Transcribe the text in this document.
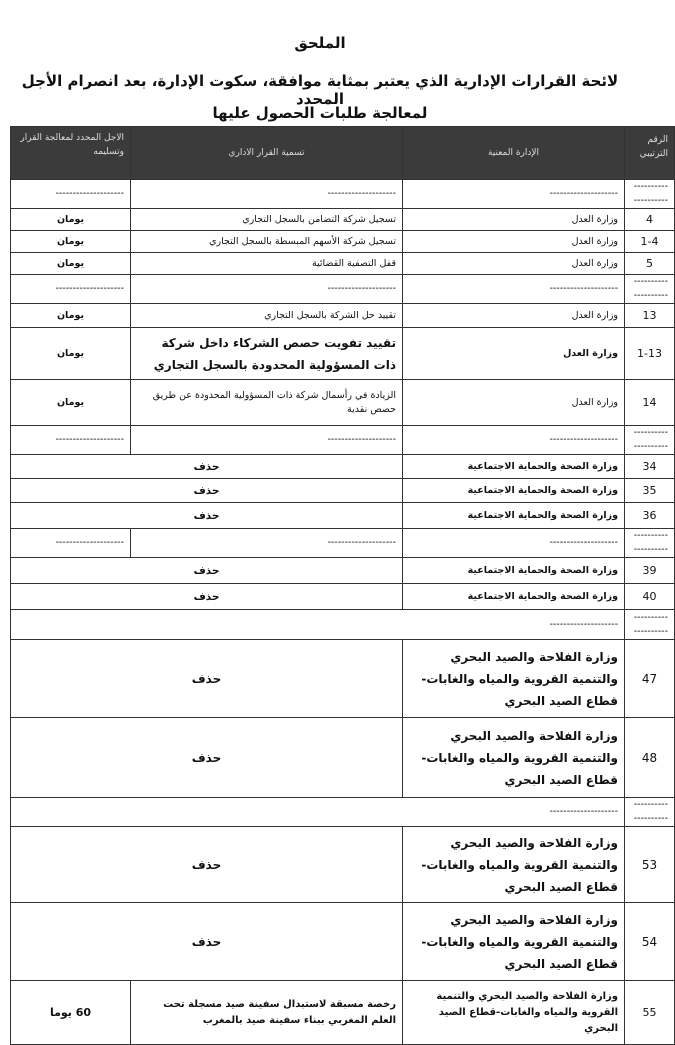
الملحق
لائحة القرارات الإدارية الذي يعتبر بمثابة موافقة، سكوت الإدارة، بعد انصرام الأجل المحدد
لمعالجة طلبات الحصول عليها
الرقم الترتيبي	الإدارة المعنية	تسمية القرار الاداري	الاجل المحدد لمعالجة القرار وتسليمه
--------------------	--------------------	--------------------	--------------------
4	وزارة العدل	تسجيل شركة التضامن بالسجل التجاري	يومان
1-4	وزارة العدل	تسجيل شركة الأسهم المبسطة بالسجل التجاري	يومان
5	وزارة العدل	قفل التصفية القضائية	يومان
--------------------	--------------------	--------------------	--------------------
13	وزارة العدل	تقييد حل الشركة بالسجل التجاري	يومان
1-13	وزارة العدل	تقييد تفويت حصص الشركاء داخل شركة ذات المسؤولية المحدودة بالسجل التجاري	يومان
14	وزارة العدل	الزيادة في رأسمال شركة ذات المسؤولية المحدودة عن طريق حصص نقدية	يومان
--------------------	--------------------	--------------------	--------------------
34	وزارة الصحة والحماية الاجتماعية	حذف	
35	وزارة الصحة والحماية الاجتماعية	حذف	
36	وزارة الصحة والحماية الاجتماعية	حذف	
--------------------	--------------------	--------------------	--------------------
39	وزارة الصحة والحماية الاجتماعية	حذف	
40	وزارة الصحة والحماية الاجتماعية	حذف	
--------------------	--------------------		
47	وزارة الفلاحة والصيد البحري والتنمية القروية والمياه والغابات- قطاع الصيد البحري	حذف	
48	وزارة الفلاحة والصيد البحري والتنمية القروية والمياه والغابات- قطاع الصيد البحري	حذف	
--------------------	--------------------		
53	وزارة الفلاحة والصيد البحري والتنمية القروية والمياه والغابات- قطاع الصيد البحري	حذف	
54	وزارة الفلاحة والصيد البحري والتنمية القروية والمياه والغابات- قطاع الصيد البحري	حذف	
55	وزارة الفلاحة والصيد البحري والتنمية القروية والمياه والغابات-قطاع الصيد البحري	رخصة مسبقة لاستبدال سفينة صيد مسجلة تحت العلم المغربي ببناء سفينة صيد بالمغرب	60 يوما
